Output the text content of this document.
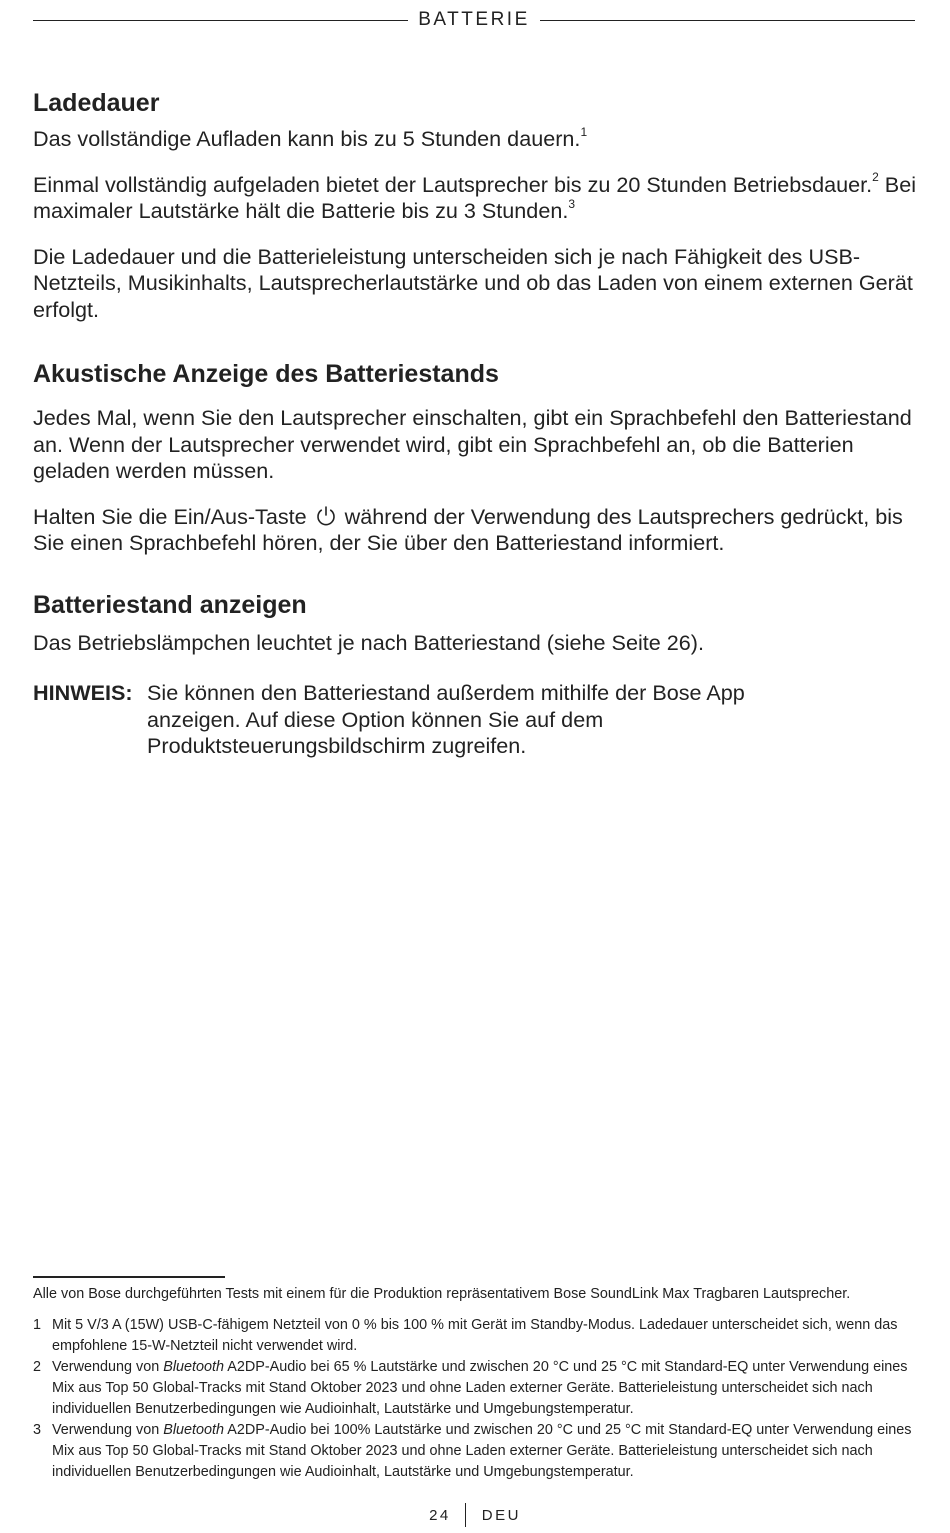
BATTERIE
Ladedauer

Das vollständige Aufladen kann bis zu 5 Stunden dauern.$^1$

Einmal vollständig aufgeladen bietet der Lautsprecher bis zu 20 Stunden Betriebsdauer.$^2$ Bei maximaler Lautstärke hält die Batterie bis zu 3 Stunden.$^3$

Die Ladedauer und die Batterieleistung unterscheiden sich je nach Fähigkeit des USB-Netzteils, Musikinhalts, Lautsprecherlautstärke und ob das Laden von einem externen Gerät erfolgt.

Akustische Anzeige des Batteriestands

Jedes Mal, wenn Sie den Lautsprecher einschalten, gibt ein Sprachbefehl den Batteriestand an. Wenn der Lautsprecher verwendet wird, gibt ein Sprachbefehl an, ob die Batterien geladen werden müssen.

Halten Sie die Ein/Aus-Taste  während der Verwendung des Lautsprechers gedrückt, bis Sie einen Sprachbefehl hören, der Sie über den Batteriestand informiert.

Batteriestand anzeigen

Das Betriebslämpchen leuchtet je nach Batteriestand (siehe Seite 26).

HINWEIS: Sie können den Batteriestand außerdem mithilfe der Bose App anzeigen. Auf diese Option können Sie auf dem Produktsteuerungsbildschirm zugreifen.
Alle von Bose durchgeführten Tests mit einem für die Produktion repräsentativem Bose SoundLink Max Tragbaren Lautsprecher.
1 Mit 5 V/3 A (15W) USB-C-fähigem Netzteil von 0 % bis 100 % mit Gerät im Standby-Modus. Ladedauer unterscheidet sich, wenn das empfohlene 15-W-Netzteil nicht verwendet wird.
2 Verwendung von Bluetooth A2DP-Audio bei 65 % Lautstärke und zwischen 20 °C und 25 °C mit Standard-EQ unter Verwendung eines Mix aus Top 50 Global-Tracks mit Stand Oktober 2023 und ohne Laden externer Geräte. Batterieleistung unterscheidet sich nach individuellen Benutzerbedingungen wie Audioinhalt, Lautstärke und Umgebungstemperatur.
3 Verwendung von Bluetooth A2DP-Audio bei 100% Lautstärke und zwischen 20 °C und 25 °C mit Standard-EQ unter Verwendung eines Mix aus Top 50 Global-Tracks mit Stand Oktober 2023 und ohne Laden externer Geräte. Batterieleistung unterscheidet sich nach individuellen Benutzerbedingungen wie Audioinhalt, Lautstärke und Umgebungstemperatur.
24 DEU
